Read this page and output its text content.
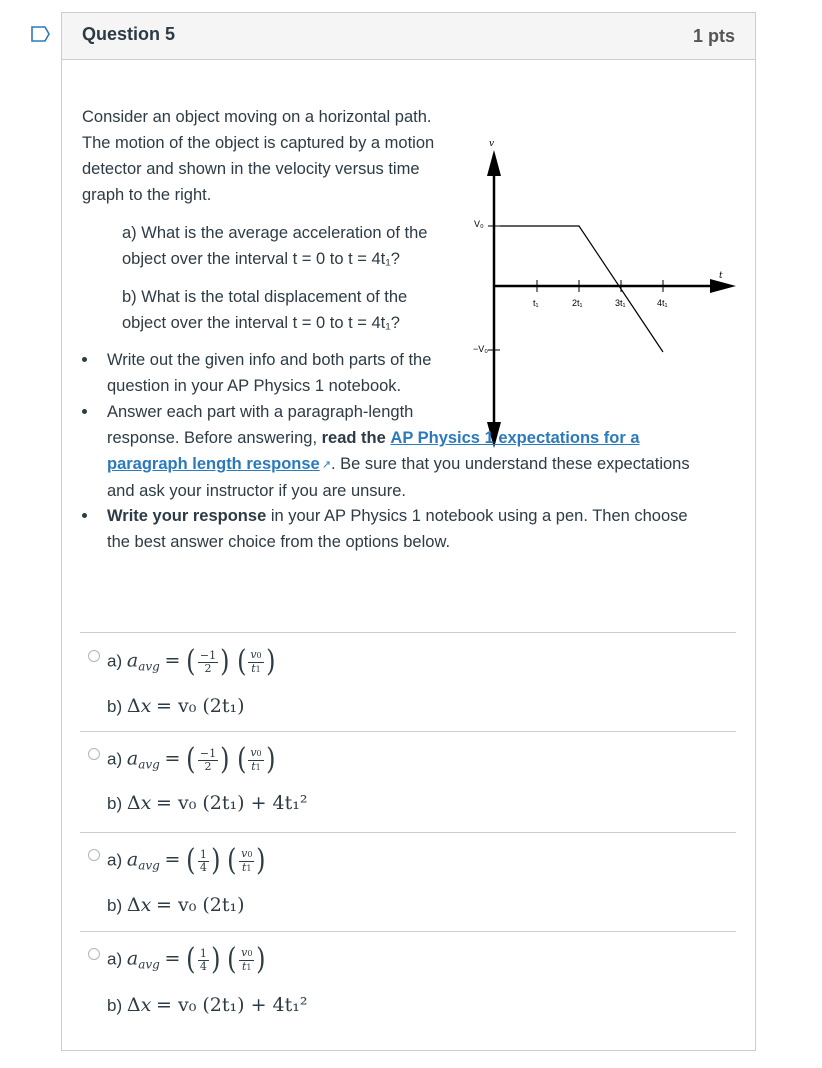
Question 5	1 pts
Consider an object moving on a horizontal path.
The motion of the object is captured by a motion
detector and shown in the velocity versus time
graph to the right.
a) What is the average acceleration of the
object over the interval t = 0 to t = 4t₁?
b) What is the total displacement of the
object over the interval t = 0 to t = 4t₁?
v
t
V₀
−V₀
t₁	2t₁	3t₁	4t₁
Write out the given info and both parts of the
question in your AP Physics 1 notebook.
Answer each part with a paragraph-length
response. Before answering, read the AP Physics 1 expectations for a
paragraph length response ↗. Be sure that you understand these expectations
and ask your instructor if you are unsure.
Write your response in your AP Physics 1 notebook using a pen. Then choose
the best answer choice from the options below.
a) $a_{avg}$ = ( $\frac{-1}{2}$ ) ( $\frac{v0}{t1}$ )
b) Δx = v₀ (2t₁)
a) $a_{avg}$ = ( $\frac{-1}{2}$ ) ( $\frac{v0}{t1}$ )
b) Δx = v₀ (2t₁) + 4t₁²
a) $a_{avg}$ = ( $\frac{1}{4}$ ) ( $\frac{v0}{t1}$ )
b) Δx = v₀ (2t₁)
a) $a_{avg}$ = ( $\frac{1}{4}$ ) ( $\frac{v0}{t1}$ )
b) Δx = v₀ (2t₁) + 4t₁²
